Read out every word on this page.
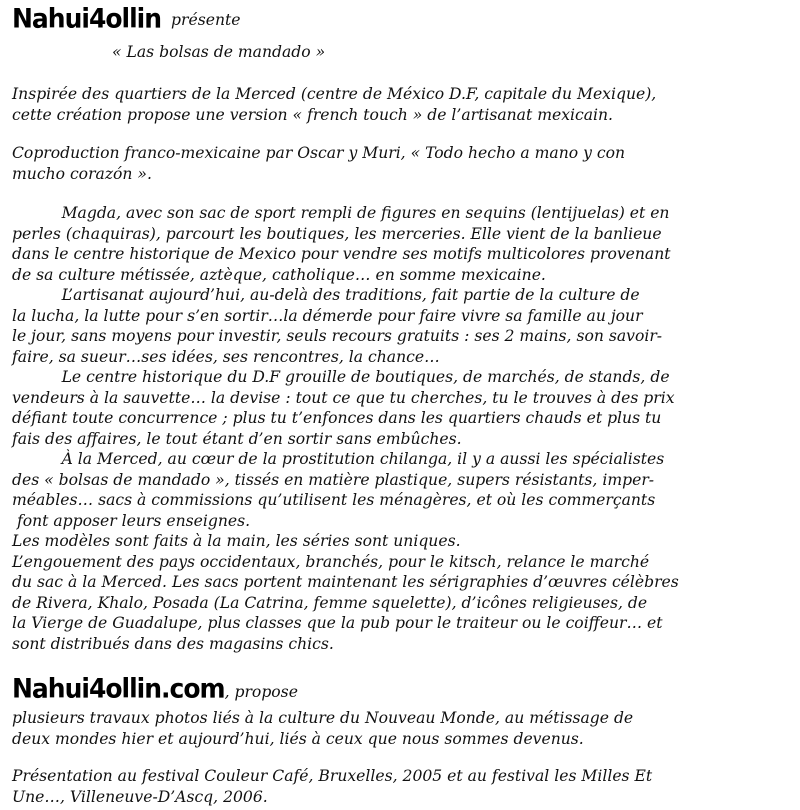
Nahui4ollin présente
« Las bolsas de mandado »
Inspirée des quartiers de la Merced (centre de México D.F, capitale du Mexique),
cette création propose une version « french touch » de l’artisanat mexicain.
Coproduction franco-mexicaine par Oscar y Muri, « Todo hecho a mano y con
mucho corazón ».
Magda, avec son sac de sport rempli de figures en sequins (lentijuelas) et en
perles (chaquiras), parcourt les boutiques, les merceries. Elle vient de la banlieue
dans le centre historique de Mexico pour vendre ses motifs multicolores provenant
de sa culture métissée, aztèque, catholique… en somme mexicaine.
L’artisanat aujourd’hui, au-delà des traditions, fait partie de la culture de
la lucha, la lutte pour s’en sortir…la démerde pour faire vivre sa famille au jour
le jour, sans moyens pour investir, seuls recours gratuits : ses 2 mains, son savoir-
faire, sa sueur…ses idées, ses rencontres, la chance…
Le centre historique du D.F grouille de boutiques, de marchés, de stands, de
vendeurs à la sauvette… la devise : tout ce que tu cherches, tu le trouves à des prix
défiant toute concurrence ; plus tu t’enfonces dans les quartiers chauds et plus tu
fais des affaires, le tout étant d’en sortir sans embûches.
À la Merced, au cœur de la prostitution chilanga, il y a aussi les spécialistes
des « bolsas de mandado », tissés en matière plastique, supers résistants, imper-
méables… sacs à commissions qu’utilisent les ménagères, et où les commerçants
font apposer leurs enseignes.
Les modèles sont faits à la main, les séries sont uniques.
L’engouement des pays occidentaux, branchés, pour le kitsch, relance le marché
du sac à la Merced. Les sacs portent maintenant les sérigraphies d’œuvres célèbres
de Rivera, Khalo, Posada (La Catrina, femme squelette), d’icônes religieuses, de
la Vierge de Guadalupe, plus classes que la pub pour le traiteur ou le coiffeur… et
sont distribués dans des magasins chics.
Nahui4ollin.com, propose
plusieurs travaux photos liés à la culture du Nouveau Monde, au métissage de
deux mondes hier et aujourd’hui, liés à ceux que nous sommes devenus.
Présentation au festival Couleur Café, Bruxelles, 2005 et au festival les Milles Et
Une…, Villeneuve-D’Ascq, 2006.
